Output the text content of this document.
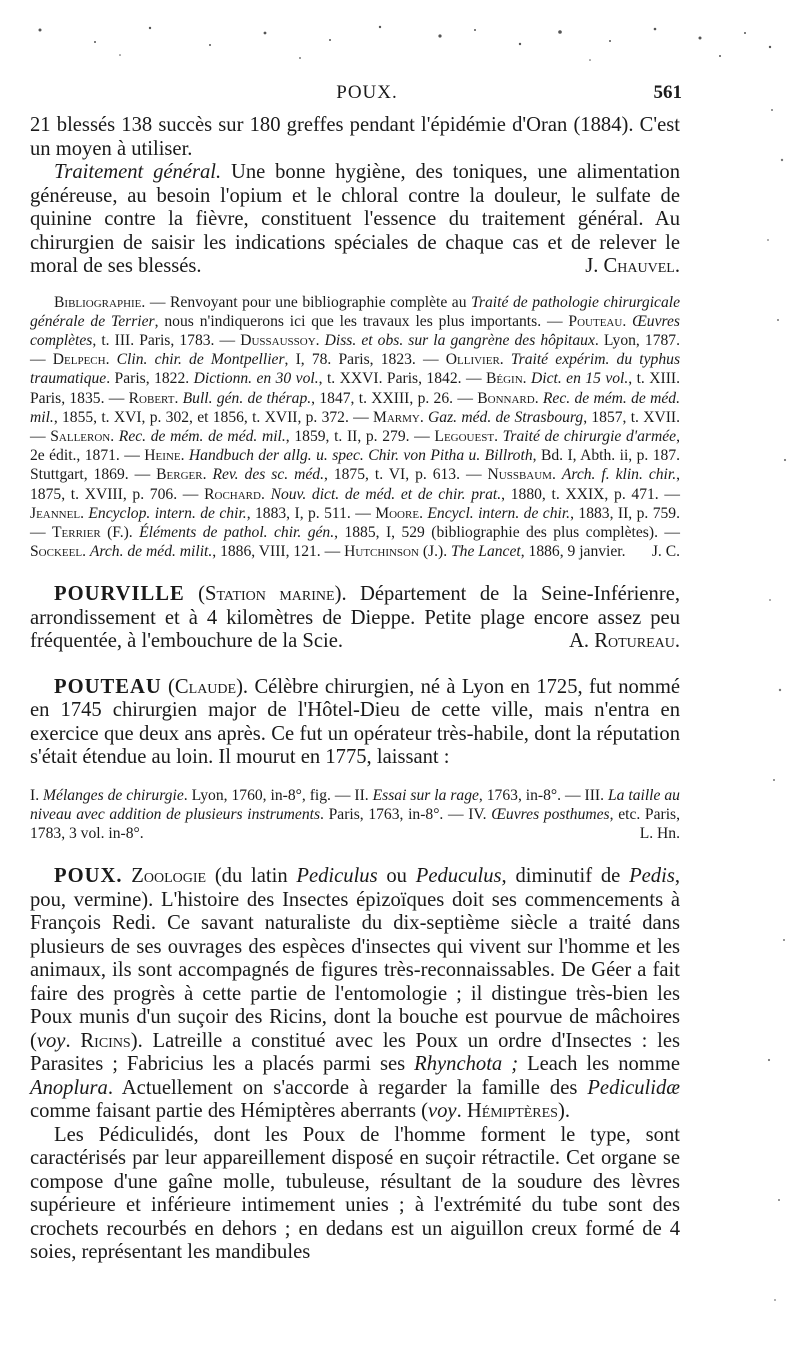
POUX.	561

21 blessés 138 succès sur 180 greffes pendant l'épidémie d'Oran (1884). C'est un moyen à utiliser.

Traitement général. Une bonne hygiène, des toniques, une alimentation généreuse, au besoin l'opium et le chloral contre la douleur, le sulfate de quinine contre la fièvre, constituent l'essence du traitement général. Au chirurgien de saisir les indications spéciales de chaque cas et de relever le moral de ses blessés.	J. Chauvel.

Bibliographie. — Renvoyant pour une bibliographie complète au Traité de pathologie chirurgicale générale de Terrier, nous n'indiquerons ici que les travaux les plus importants. — Pouteau. Œuvres complètes, t. III. Paris, 1783. — Dussaussoy. Diss. et obs. sur la gangrène des hôpitaux. Lyon, 1787. — Delpech. Clin. chir. de Montpellier, I, 78. Paris, 1823. — Ollivier. Traité expérim. du typhus traumatique. Paris, 1822. Dictionn. en 30 vol., t. XXVI. Paris, 1842. — Bégin. Dict. en 15 vol., t. XIII. Paris, 1835. — Robert. Bull. gén. de thérap., 1847, t. XXIII, p. 26. — Bonnard. Rec. de mém. de méd. mil., 1855, t. XVI, p. 302, et 1856, t. XVII, p. 372. — Marmy. Gaz. méd. de Strasbourg, 1857, t. XVII. — Salleron. Rec. de mém. de méd. mil., 1859, t. II, p. 279. — Legouest. Traité de chirurgie d'armée, 2e édit., 1871. — Heine. Handbuch der allg. u. spec. Chir. von Pitha u. Billroth, Bd. I, Abth. ii, p. 187. Stuttgart, 1869. — Berger. Rev. des sc. méd., 1875, t. VI, p. 613. — Nussbaum. Arch. f. klin. chir., 1875, t. XVIII, p. 706. — Rochard. Nouv. dict. de méd. et de chir. prat., 1880, t. XXIX, p. 471. — Jeannel. Encyclop. intern. de chir., 1883, I, p. 511. — Moore. Encycl. intern. de chir., 1883, II, p. 759. — Terrier (F.). Éléments de pathol. chir. gén., 1885, I, 529 (bibliographie des plus complètes). — Sockeel. Arch. de méd. milit., 1886, VIII, 121. — Hutchinson (J.). The Lancet, 1886, 9 janvier.	J. C.

POURVILLE (Station marine). Département de la Seine-Inférienre, arrondissement et à 4 kilomètres de Dieppe. Petite plage encore assez peu fréquentée, à l'embouchure de la Scie.	A. Rotureau.

POUTEAU (Claude). Célèbre chirurgien, né à Lyon en 1725, fut nommé en 1745 chirurgien major de l'Hôtel-Dieu de cette ville, mais n'entra en exercice que deux ans après. Ce fut un opérateur très-habile, dont la réputation s'était étendue au loin. Il mourut en 1775, laissant :

I. Mélanges de chirurgie. Lyon, 1760, in-8°, fig. — II. Essai sur la rage, 1763, in-8°. — III. La taille au niveau avec addition de plusieurs instruments. Paris, 1763, in-8°. — IV. Œuvres posthumes, etc. Paris, 1783, 3 vol. in-8°.	L. Hn.

POUX. Zoologie (du latin Pediculus ou Peduculus, diminutif de Pedis, pou, vermine). L'histoire des Insectes épizoïques doit ses commencements à François Redi. Ce savant naturaliste du dix-septième siècle a traité dans plusieurs de ses ouvrages des espèces d'insectes qui vivent sur l'homme et les animaux, ils sont accompagnés de figures très-reconnaissables. De Géer a fait faire des progrès à cette partie de l'entomologie ; il distingue très-bien les Poux munis d'un suçoir des Ricins, dont la bouche est pourvue de mâchoires (voy. Ricins). Latreille a constitué avec les Poux un ordre d'Insectes : les Parasites ; Fabricius les a placés parmi ses Rhynchota ; Leach les nomme Anoplura. Actuellement on s'accorde à regarder la famille des Pediculidæ comme faisant partie des Hémiptères aberrants (voy. Hémiptères).

Les Pédiculidés, dont les Poux de l'homme forment le type, sont caractérisés par leur appareillement disposé en suçoir rétractile. Cet organe se compose d'une gaîne molle, tubuleuse, résultant de la soudure des lèvres supérieure et inférieure intimement unies ; à l'extrémité du tube sont des crochets recourbés en dehors ; en dedans est un aiguillon creux formé de 4 soies, représentant les mandibules
